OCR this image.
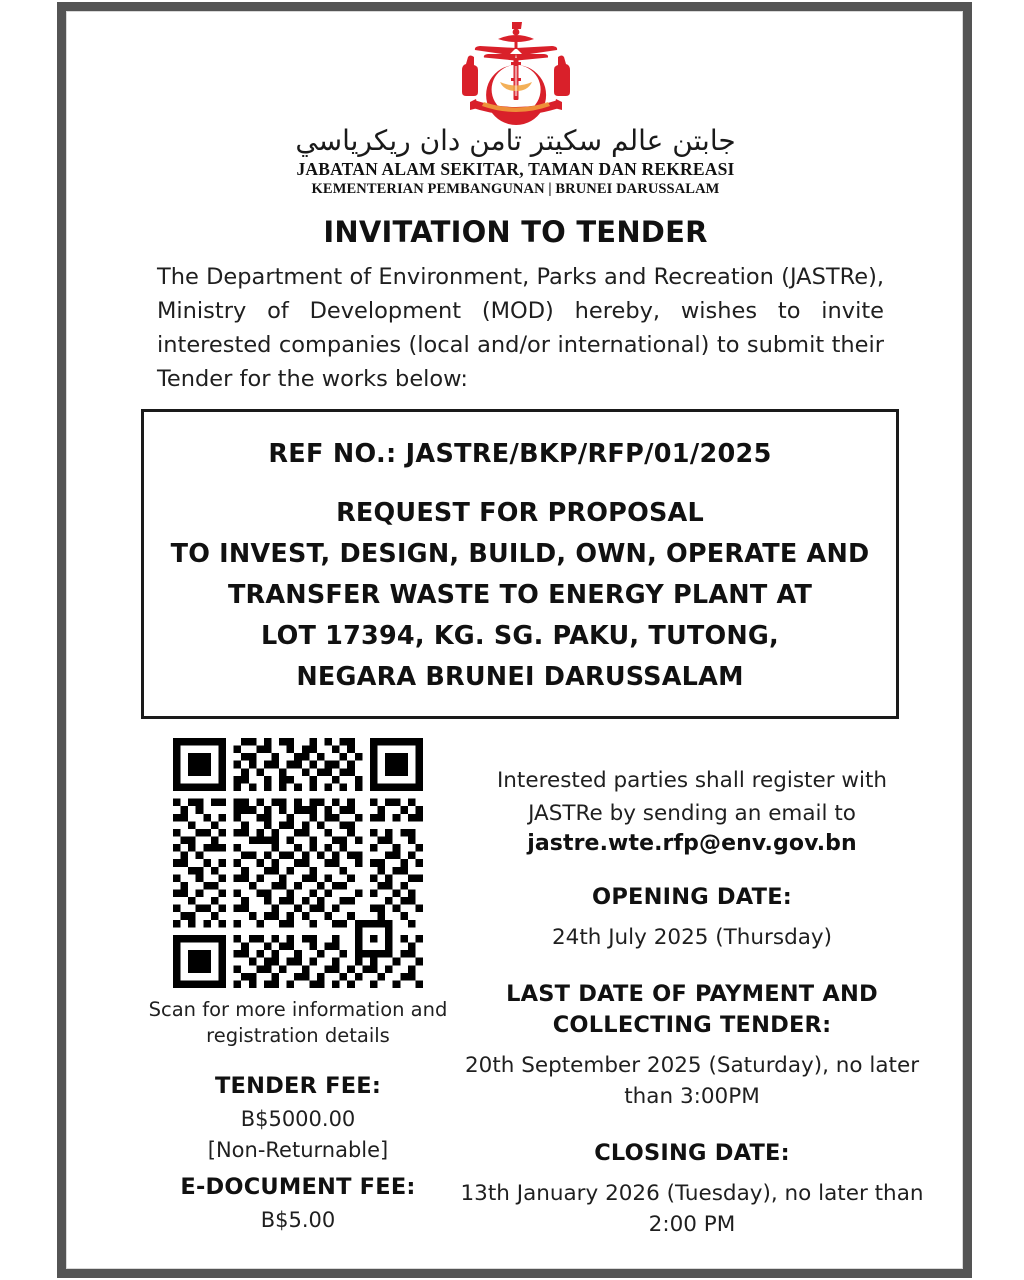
جابتن عالم سكيتر تامن دان ريكرياسي
JABATAN ALAM SEKITAR, TAMAN DAN REKREASI
KEMENTERIAN PEMBANGUNAN | BRUNEI DARUSSALAM
INVITATION TO TENDER
The Department of Environment, Parks and Recreation (JASTRe), Ministry of Development (MOD) hereby, wishes to invite interested companies (local and/or international) to submit their Tender for the works below:
REF NO.: JASTRE/BKP/RFP/01/2025
REQUEST FOR PROPOSAL
TO INVEST, DESIGN, BUILD, OWN, OPERATE AND
TRANSFER WASTE TO ENERGY PLANT AT
LOT 17394, KG. SG. PAKU, TUTONG,
NEGARA BRUNEI DARUSSALAM
Scan for more information and registration details
TENDER FEE:
B$5000.00
[Non-Returnable]
E-DOCUMENT FEE:
B$5.00
Interested parties shall register with JASTRe by sending an email to
jastre.wte.rfp@env.gov.bn
OPENING DATE:
24th July 2025 (Thursday)
LAST DATE OF PAYMENT AND COLLECTING TENDER:
20th September 2025 (Saturday), no later than 3:00PM
CLOSING DATE:
13th January 2026 (Tuesday), no later than 2:00 PM
